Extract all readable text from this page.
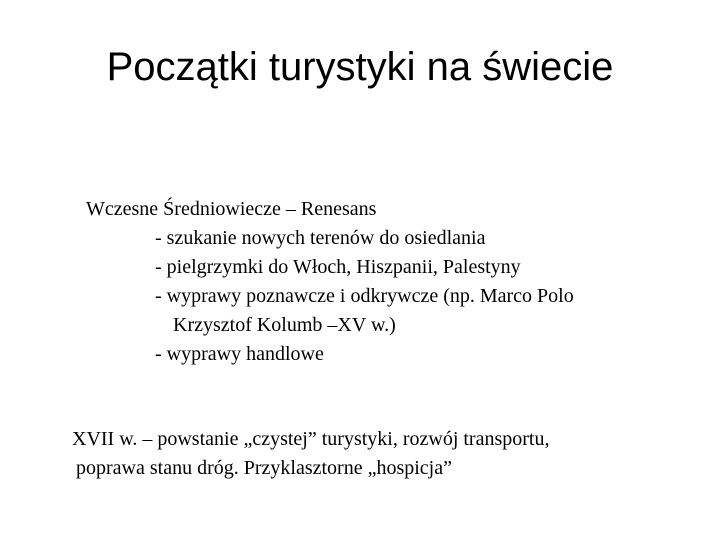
Początki turystyki na świecie
Wczesne Średniowiecze – Renesans
- szukanie nowych terenów do osiedlania
- pielgrzymki do Włoch, Hiszpanii, Palestyny
- wyprawy poznawcze i odkrywcze (np. Marco Polo
Krzysztof Kolumb –XV w.)
- wyprawy handlowe
XVII w. – powstanie „czystej” turystyki, rozwój transportu,
poprawa stanu dróg. Przyklasztorne „hospicja”
